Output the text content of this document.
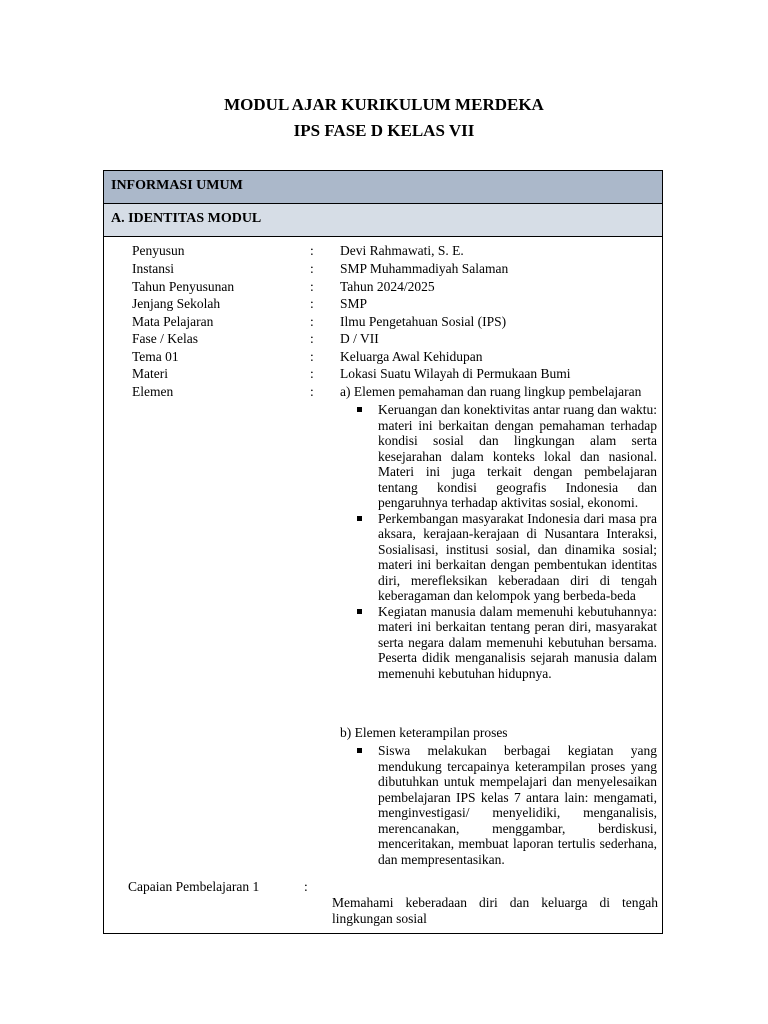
MODUL AJAR KURIKULUM MERDEKA
IPS FASE D KELAS VII
INFORMASI UMUM
A. IDENTITAS MODUL
Penyusun	: Devi Rahmawati, S. E.
Instansi	: SMP Muhammadiyah Salaman
Tahun Penyusunan	: Tahun 2024/2025
Jenjang Sekolah	: SMP
Mata Pelajaran	: Ilmu Pengetahuan Sosial (IPS)
Fase / Kelas	: D / VII
Tema 01	: Keluarga Awal Kehidupan
Materi	: Lokasi Suatu Wilayah di Permukaan Bumi
Elemen	: a) Elemen pemahaman dan ruang lingkup pembelajaran
Keruangan dan konektivitas antar ruang dan waktu: materi ini berkaitan dengan pemahaman terhadap kondisi sosial dan lingkungan alam serta kesejarahan dalam konteks lokal dan nasional. Materi ini juga terkait dengan pembelajaran tentang kondisi geografis Indonesia dan pengaruhnya terhadap aktivitas sosial, ekonomi.
Perkembangan masyarakat Indonesia dari masa pra aksara, kerajaan-kerajaan di Nusantara Interaksi, Sosialisasi, institusi sosial, dan dinamika sosial; materi ini berkaitan dengan pembentukan identitas diri, merefleksikan keberadaan diri di tengah keberagaman dan kelompok yang berbeda-beda
Kegiatan manusia dalam memenuhi kebutuhannya: materi ini berkaitan tentang peran diri, masyarakat serta negara dalam memenuhi kebutuhan bersama. Peserta didik menganalisis sejarah manusia dalam memenuhi kebutuhan hidupnya.
b) Elemen keterampilan proses
Siswa melakukan berbagai kegiatan yang mendukung tercapainya keterampilan proses yang dibutuhkan untuk mempelajari dan menyelesaikan pembelajaran IPS kelas 7 antara lain: mengamati, menginvestigasi/ menyelidiki, menganalisis, merencanakan, menggambar, berdiskusi, menceritakan, membuat laporan tertulis sederhana, dan mempresentasikan.
Capaian Pembelajaran 1	:
Memahami keberadaan diri dan keluarga di tengah lingkungan sosial
